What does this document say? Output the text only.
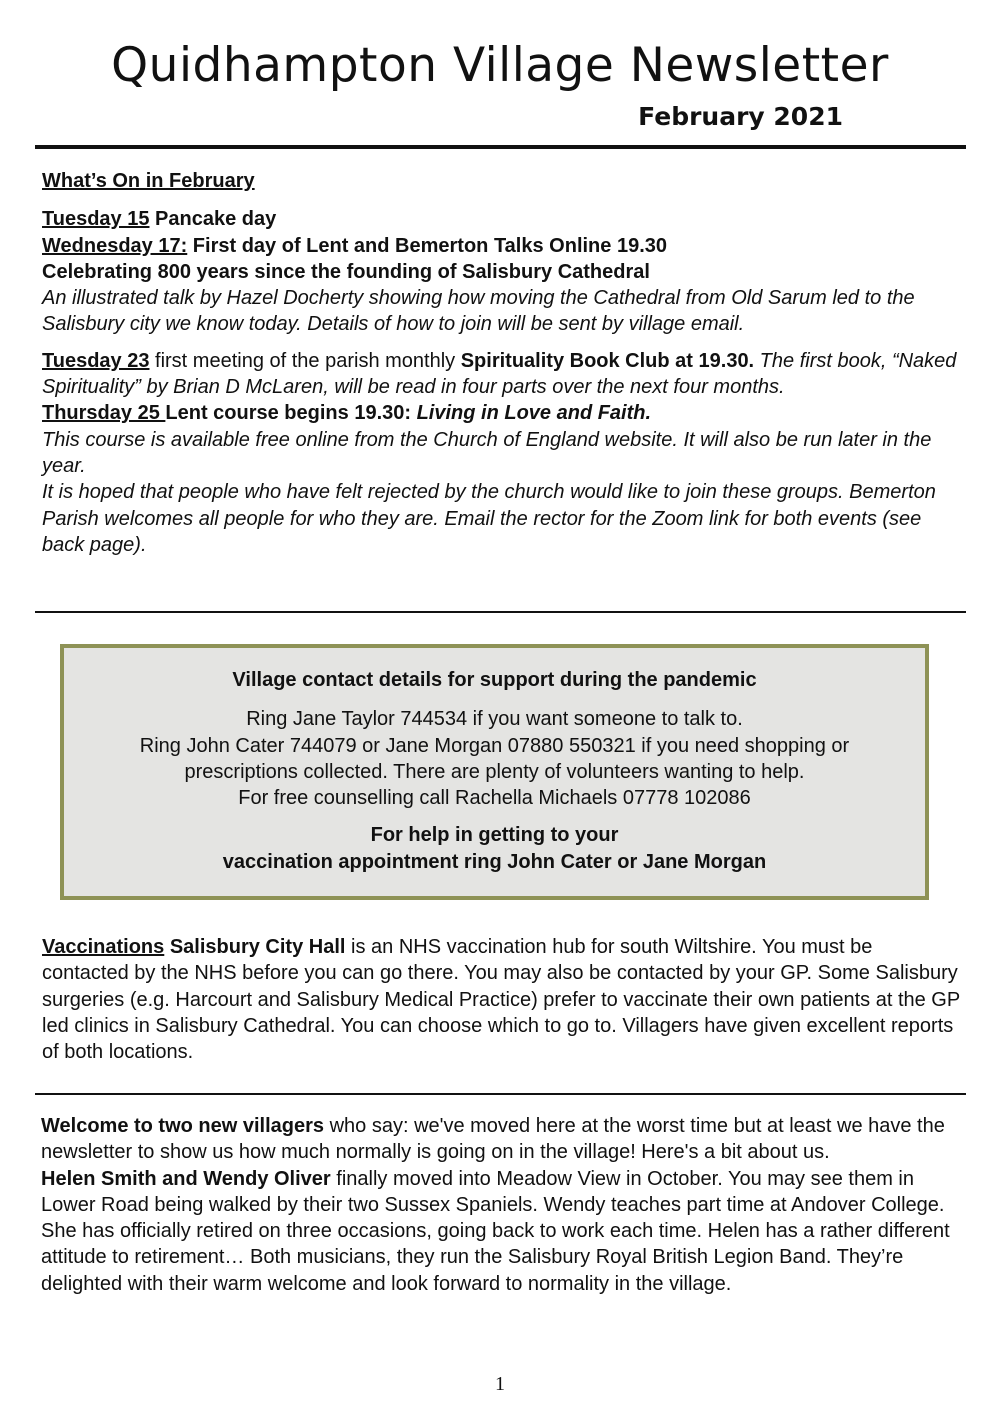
Quidhampton Village Newsletter
February 2021

What’s On in February

Tuesday 15 Pancake day

Wednesday 17: First day of Lent and Bemerton Talks Online 19.30

Celebrating 800 years since the founding of Salisbury Cathedral

An illustrated talk by Hazel Docherty showing how moving the Cathedral from Old Sarum led to the Salisbury city we know today. Details of how to join will be sent by village email.

Tuesday 23 first meeting of the parish monthly Spirituality Book Club at 19.30. The first book, “Naked Spirituality” by Brian D McLaren, will be read in four parts over the next four months.

Thursday 25 Lent course begins 19.30: Living in Love and Faith.

This course is available free online from the Church of England website. It will also be run later in the year.

It is hoped that people who have felt rejected by the church would like to join these groups. Bemerton Parish welcomes all people for who they are. Email the rector for the Zoom link for both events (see back page).

Village contact details for support during the pandemic
Ring Jane Taylor 744534 if you want someone to talk to.
Ring John Cater 744079 or Jane Morgan 07880 550321 if you need shopping or
prescriptions collected. There are plenty of volunteers wanting to help.
For free counselling call Rachella Michaels 07778 102086
For help in getting to your
vaccination appointment ring John Cater or Jane Morgan

Vaccinations Salisbury City Hall is an NHS vaccination hub for south Wiltshire. You must be contacted by the NHS before you can go there. You may also be contacted by your GP. Some Salisbury surgeries (e.g. Harcourt and Salisbury Medical Practice) prefer to vaccinate their own patients at the GP led clinics in Salisbury Cathedral. You can choose which to go to. Villagers have given excellent reports of both locations.

Welcome to two new villagers who say: we've moved here at the worst time but at least we have the newsletter to show us how much normally is going on in the village! Here's a bit about us.

Helen Smith and Wendy Oliver finally moved into Meadow View in October. You may see them in Lower Road being walked by their two Sussex Spaniels. Wendy teaches part time at Andover College. She has officially retired on three occasions, going back to work each time. Helen has a rather different attitude to retirement… Both musicians, they run the Salisbury Royal British Legion Band. They’re delighted with their warm welcome and look forward to normality in the village.

1
